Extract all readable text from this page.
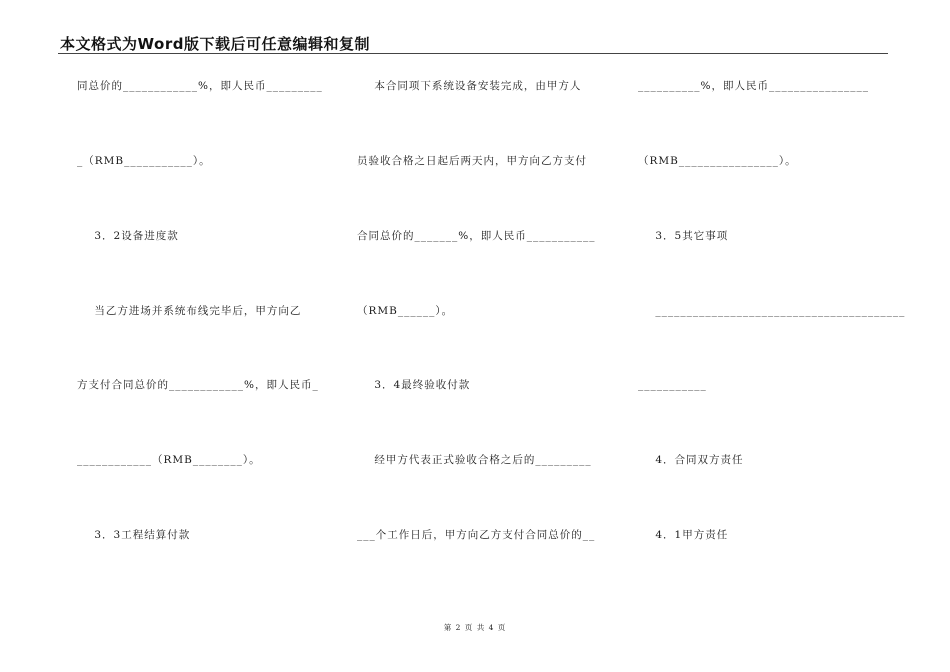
本文格式为Word版下载后可任意编辑和复制
同总价的____________%，即人民币_________
_（RMB___________）。
3．2设备进度款
当乙方进场并系统布线完毕后，甲方向乙
方支付合同总价的____________%，即人民币_
____________（RMB________）。
3．3工程结算付款
本合同项下系统设备安装完成，由甲方人
员验收合格之日起后两天内，甲方向乙方支付
合同总价的_______%，即人民币___________
（RMB______）。
3．4最终验收付款
经甲方代表正式验收合格之后的_________
___个工作日后，甲方向乙方支付合同总价的__
__________%，即人民币________________
（RMB________________）。
3．5其它事项
________________________________________
___________
4．合同双方责任
4．1甲方责任
第 2 页 共 4 页
